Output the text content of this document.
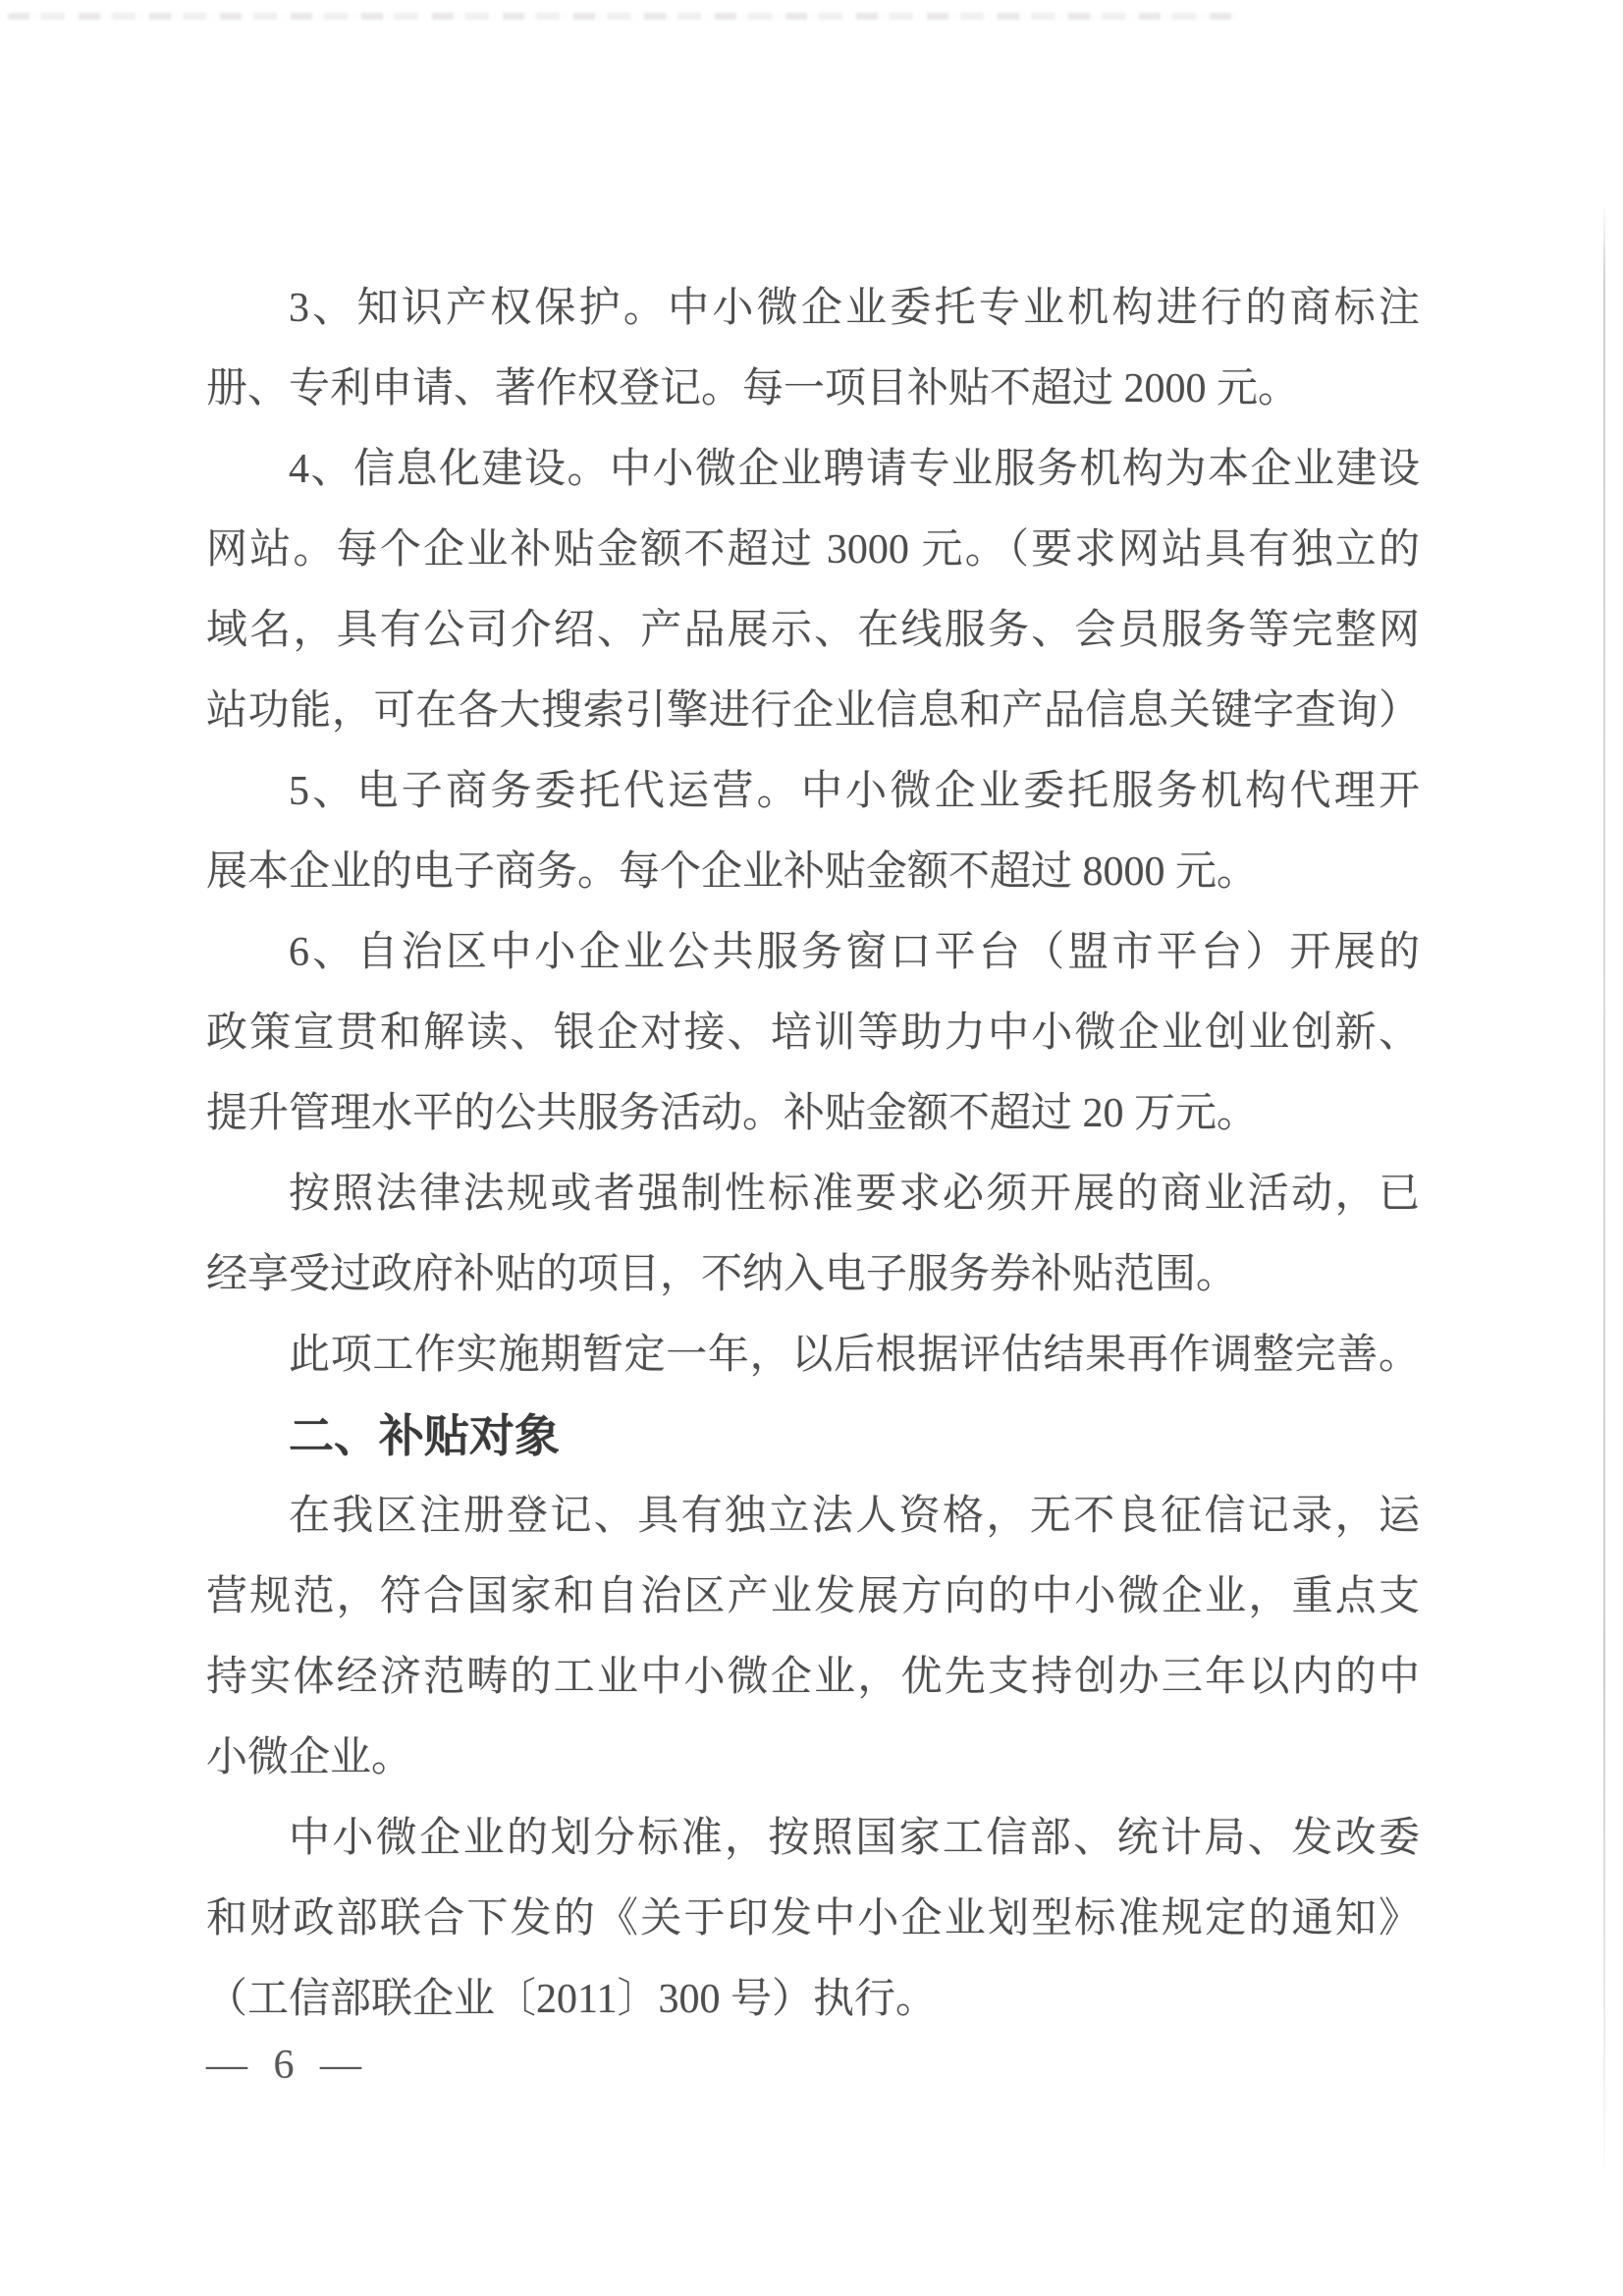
3、知识产权保护。中小微企业委托专业机构进行的商标注
册、专利申请、著作权登记。每一项目补贴不超过 2000 元。
4、信息化建设。中小微企业聘请专业服务机构为本企业建设
网站。每个企业补贴金额不超过 3000 元。（要求网站具有独立的
域名，具有公司介绍、产品展示、在线服务、会员服务等完整网
站功能，可在各大搜索引擎进行企业信息和产品信息关键字查询）
5、电子商务委托代运营。中小微企业委托服务机构代理开
展本企业的电子商务。每个企业补贴金额不超过 8000 元。
6、自治区中小企业公共服务窗口平台（盟市平台）开展的
政策宣贯和解读、银企对接、培训等助力中小微企业创业创新、
提升管理水平的公共服务活动。补贴金额不超过 20 万元。
按照法律法规或者强制性标准要求必须开展的商业活动，已
经享受过政府补贴的项目，不纳入电子服务券补贴范围。
此项工作实施期暂定一年，以后根据评估结果再作调整完善。
二、补贴对象
在我区注册登记、具有独立法人资格，无不良征信记录，运
营规范，符合国家和自治区产业发展方向的中小微企业，重点支
持实体经济范畴的工业中小微企业，优先支持创办三年以内的中
小微企业。
中小微企业的划分标准，按照国家工信部、统计局、发改委
和财政部联合下发的《关于印发中小企业划型标准规定的通知》
（工信部联企业〔2011〕300 号）执行。
— 6 —
